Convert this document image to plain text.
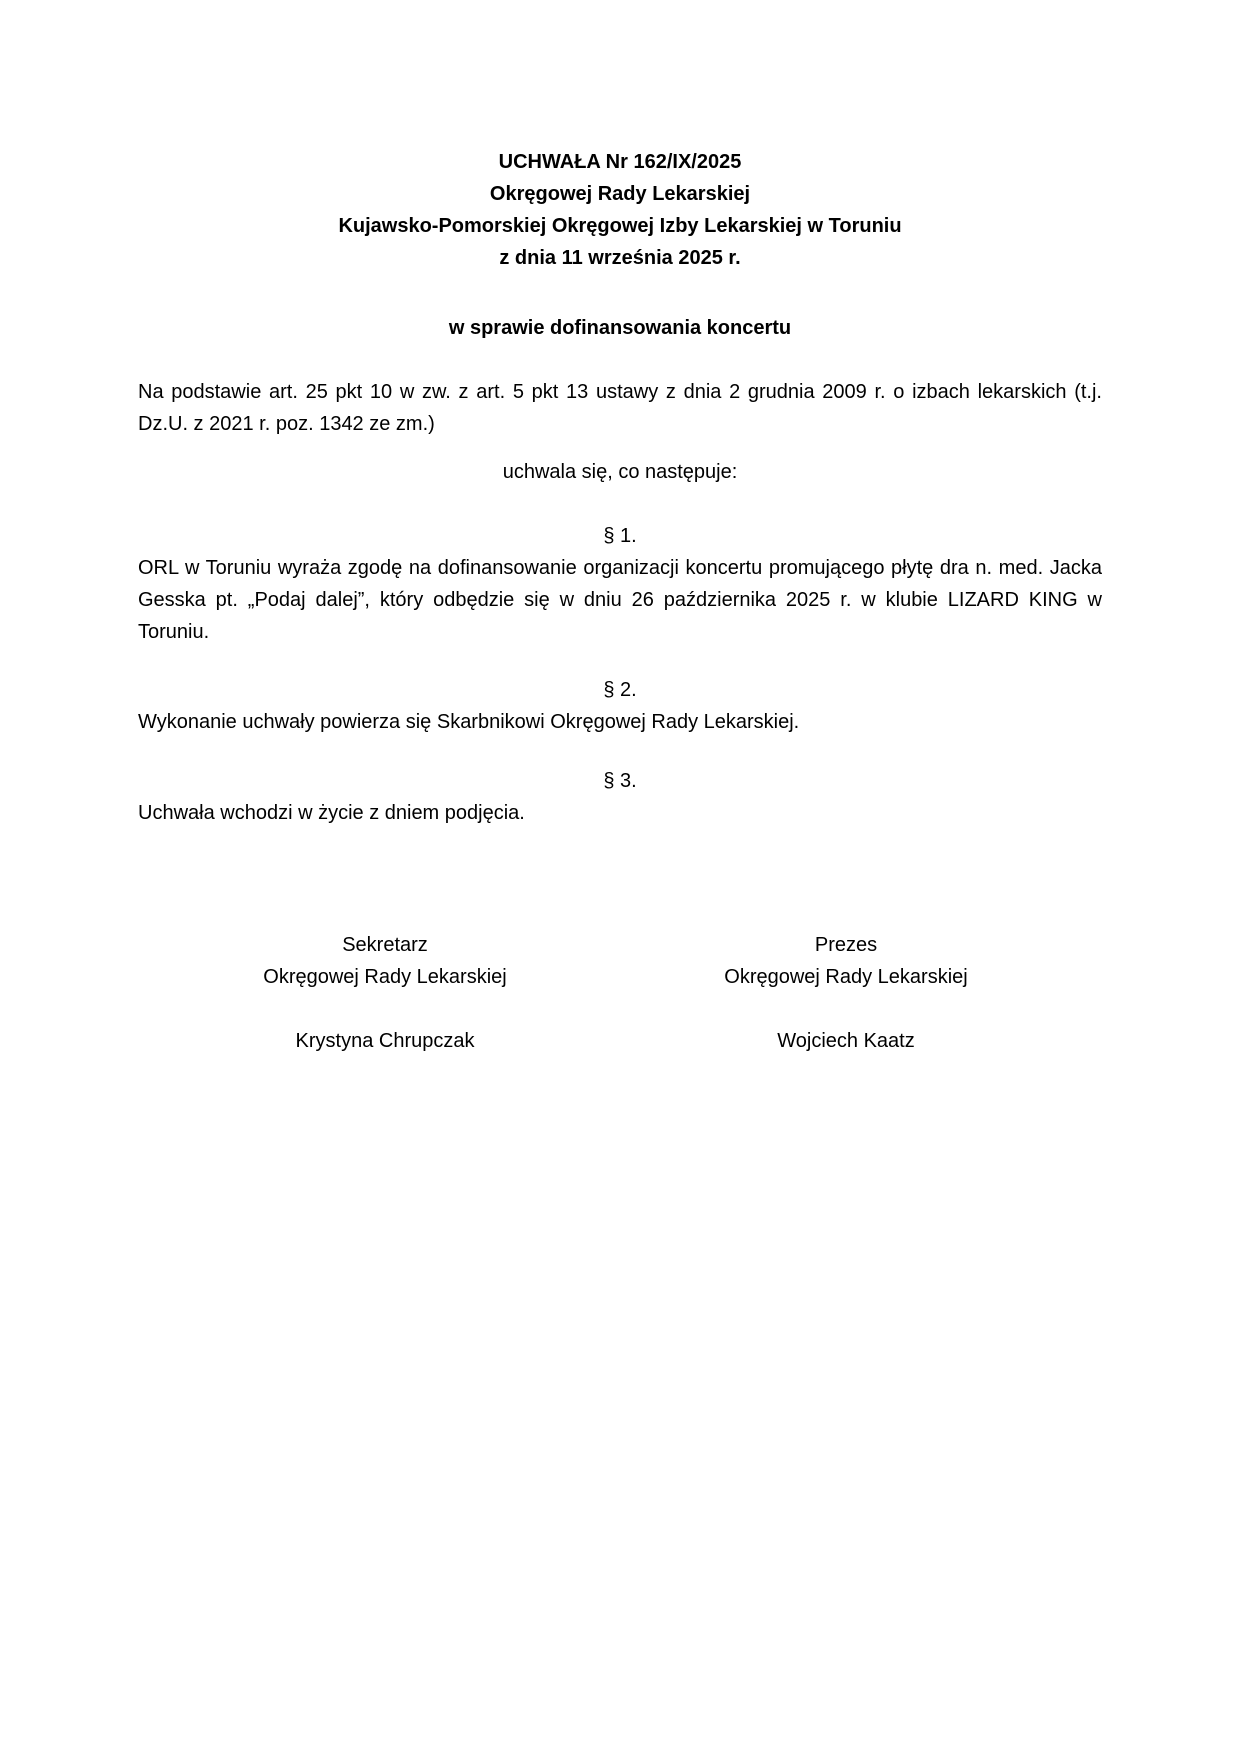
UCHWAŁA Nr 162/IX/2025
Okręgowej Rady Lekarskiej
Kujawsko-Pomorskiej Okręgowej Izby Lekarskiej w Toruniu
z dnia 11 września 2025 r.
w sprawie dofinansowania koncertu
Na podstawie art. 25 pkt 10 w zw. z art. 5 pkt 13 ustawy z dnia 2 grudnia 2009 r. o izbach lekarskich (t.j. Dz.U. z 2021 r. poz. 1342 ze zm.)
uchwala się, co następuje:
§ 1.
ORL w Toruniu wyraża zgodę na dofinansowanie organizacji koncertu promującego płytę dra n. med. Jacka Gesska pt. „Podaj dalej”, który odbędzie się w dniu 26 października 2025 r. w klubie LIZARD KING w Toruniu.
§ 2.
Wykonanie uchwały powierza się Skarbnikowi Okręgowej Rady Lekarskiej.
§ 3.
Uchwała wchodzi w życie z dniem podjęcia.
Sekretarz
Okręgowej Rady Lekarskiej
Krystyna Chrupczak
Prezes
Okręgowej Rady Lekarskiej
Wojciech Kaatz
